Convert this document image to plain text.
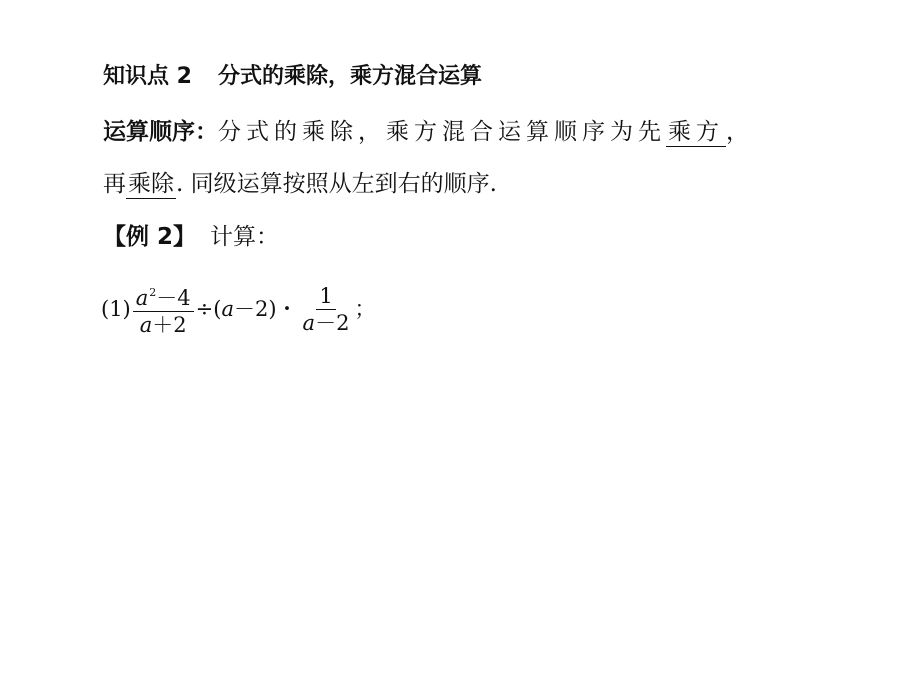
知识点 2 分式的乘除，乘方混合运算
运算顺序：分式的乘除，乘方混合运算顺序为先乘方，
再乘除. 同级运算按照从左到右的顺序.
【例 2】 计算：
$(1) \frac{a^2-4}{a+2}$ ÷( a －2)・ $\frac{1}{a-2}$ ；
